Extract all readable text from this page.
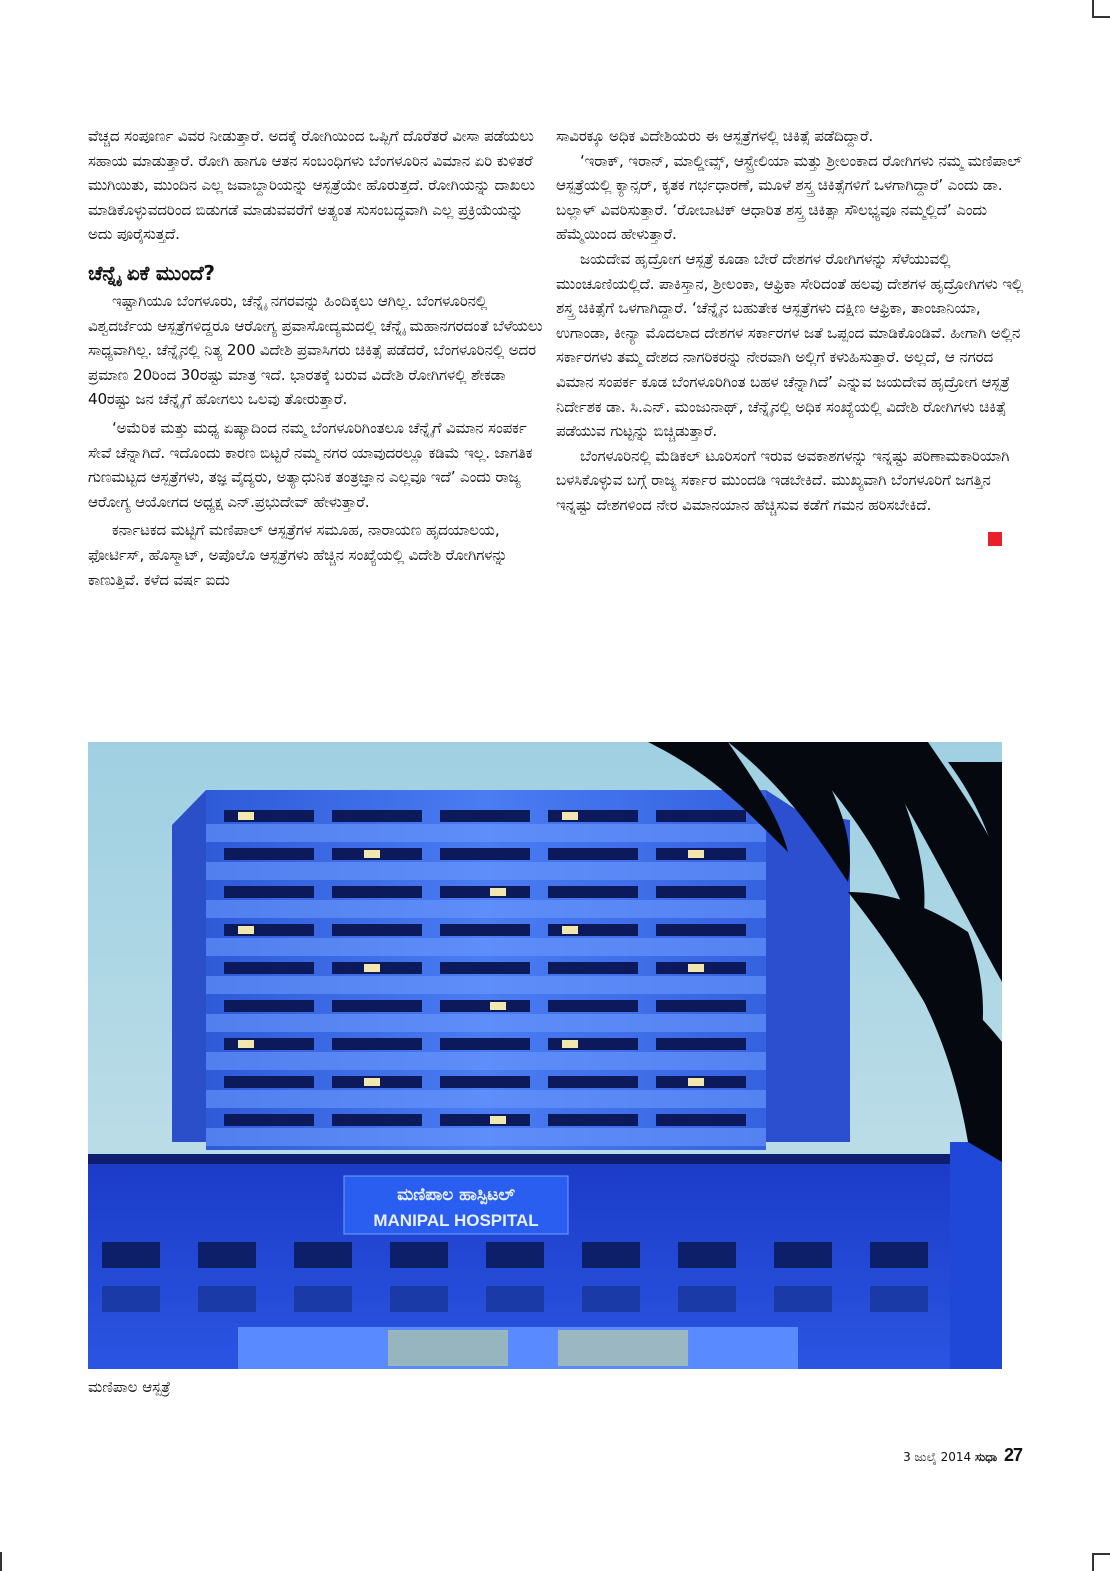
ವೆಚ್ಚದ ಸಂಪೂರ್ಣ ವಿವರ ನೀಡುತ್ತಾರೆ. ಅದಕ್ಕೆ ರೋಗಿಯಿಂದ ಒಪ್ಪಿಗೆ ದೊರೆತರೆ ವೀಸಾ ಪಡೆಯಲು ಸಹಾಯ ಮಾಡುತ್ತಾರೆ. ರೋಗಿ ಹಾಗೂ ಆತನ ಸಂಬಂಧಿಗಳು ಬೆಂಗಳೂರಿನ ವಿಮಾನ ಏರಿ ಕುಳಿತರೆ ಮುಗಿಯಿತು, ಮುಂದಿನ ಎಲ್ಲ ಜವಾಬ್ದಾರಿಯನ್ನು ಆಸ್ಪತ್ರೆಯೇ ಹೊರುತ್ತದೆ. ರೋಗಿಯನ್ನು ದಾಖಲು ಮಾಡಿಕೊಳ್ಳುವದರಿಂದ ಬಿಡುಗಡೆ ಮಾಡುವವರೆಗೆ ಅತ್ಯಂತ ಸುಸಂಬದ್ಧವಾಗಿ ಎಲ್ಲ ಪ್ರಕ್ರಿಯೆಯನ್ನು ಅದು ಪೂರೈಸುತ್ತದೆ.

ಚೆನ್ನೈ ಏಕೆ ಮುಂದೆ?

ಇಷ್ಟಾಗಿಯೂ ಬೆಂಗಳೂರು, ಚೆನ್ನೈ ನಗರವನ್ನು ಹಿಂದಿಕ್ಕಲು ಆಗಿಲ್ಲ. ಬೆಂಗಳೂರಿನಲ್ಲಿ ವಿಶ್ವದರ್ಜೆಯ ಆಸ್ಪತ್ರೆಗಳಿದ್ದರೂ ಆರೋಗ್ಯ ಪ್ರವಾಸೋದ್ಯಮದಲ್ಲಿ ಚೆನ್ನೈ ಮಹಾನಗರದಂತೆ ಬೆಳೆಯಲು ಸಾಧ್ಯವಾಗಿಲ್ಲ. ಚೆನ್ನೈನಲ್ಲಿ ನಿತ್ಯ 200 ವಿದೇಶಿ ಪ್ರವಾಸಿಗರು ಚಿಕಿತ್ಸೆ ಪಡೆದರೆ, ಬೆಂಗಳೂರಿನಲ್ಲಿ ಅದರ ಪ್ರಮಾಣ 20ರಿಂದ 30ರಷ್ಟು ಮಾತ್ರ ಇದೆ. ಭಾರತಕ್ಕೆ ಬರುವ ವಿದೇಶಿ ರೋಗಿಗಳಲ್ಲಿ ಶೇಕಡಾ 40ರಷ್ಟು ಜನ ಚೆನ್ನೈಗೆ ಹೋಗಲು ಒಲವು ತೋರುತ್ತಾರೆ.

‘ಅಮೆರಿಕ ಮತ್ತು ಮಧ್ಯ ಏಷ್ಯಾದಿಂದ ನಮ್ಮ ಬೆಂಗಳೂರಿಗಿಂತಲೂ ಚೆನ್ನೈಗೆ ವಿಮಾನ ಸಂಪರ್ಕ ಸೇವೆ ಚೆನ್ನಾಗಿದೆ. ಇದೊಂದು ಕಾರಣ ಬಿಟ್ಟರೆ ನಮ್ಮ ನಗರ ಯಾವುದರಲ್ಲೂ ಕಡಿಮೆ ಇಲ್ಲ. ಜಾಗತಿಕ ಗುಣಮಟ್ಟದ ಆಸ್ಪತ್ರೆಗಳು, ತಜ್ಞ ವೈದ್ಯರು, ಅತ್ಯಾಧುನಿಕ ತಂತ್ರಜ್ಞಾನ ಎಲ್ಲವೂ ಇದೆ’ ಎಂದು ರಾಜ್ಯ ಆರೋಗ್ಯ ಆಯೋಗದ ಅಧ್ಯಕ್ಷ ಎನ್.ಪ್ರಭುದೇವ್ ಹೇಳುತ್ತಾರೆ.

ಕರ್ನಾಟಕದ ಮಟ್ಟಿಗೆ ಮಣಿಪಾಲ್ ಆಸ್ಪತ್ರೆಗಳ ಸಮೂಹ, ನಾರಾಯಣ ಹೃದಯಾಲಯ, ಫೋರ್ಟಿಸ್, ಹೊಸ್ಮಾಟ್, ಅಪೊಲೊ ಆಸ್ಪತ್ರೆಗಳು ಹೆಚ್ಚಿನ ಸಂಖ್ಯೆಯಲ್ಲಿ ವಿದೇಶಿ ರೋಗಿಗಳನ್ನು ಕಾಣುತ್ತಿವೆ. ಕಳೆದ ವರ್ಷ ಐದು

ಸಾವಿರಕ್ಕೂ ಅಧಿಕ ವಿದೇಶಿಯರು ಈ ಆಸ್ಪತ್ರೆಗಳಲ್ಲಿ ಚಿಕಿತ್ಸೆ ಪಡೆದಿದ್ದಾರೆ.

‘ಇರಾಕ್, ಇರಾನ್, ಮಾಲ್ಡೀವ್ಸ್, ಆಸ್ಟ್ರೇಲಿಯಾ ಮತ್ತು ಶ್ರೀಲಂಕಾದ ರೋಗಿಗಳು ನಮ್ಮ ಮಣಿಪಾಲ್ ಆಸ್ಪತ್ರೆಯಲ್ಲಿ ಕ್ಯಾನ್ಸರ್, ಕೃತಕ ಗರ್ಭಧಾರಣೆ, ಮೂಳೆ ಶಸ್ತ್ರ ಚಿಕಿತ್ಸೆಗಳಿಗೆ ಒಳಗಾಗಿದ್ದಾರೆ’ ಎಂದು ಡಾ. ಬಲ್ಲಾಳ್ ವಿವರಿಸುತ್ತಾರೆ. ‘ರೋಬಾಟಿಕ್ ಆಧಾರಿತ ಶಸ್ತ್ರ ಚಿಕಿತ್ಸಾ ಸೌಲಭ್ಯವೂ ನಮ್ಮಲ್ಲಿದೆ’ ಎಂದು ಹೆಮ್ಮೆಯಿಂದ ಹೇಳುತ್ತಾರೆ.

ಜಯದೇವ ಹೃದ್ರೋಗ ಆಸ್ಪತ್ರೆ ಕೂಡಾ ಬೇರೆ ದೇಶಗಳ ರೋಗಿಗಳನ್ನು ಸೆಳೆಯುವಲ್ಲಿ ಮುಂಚೂಣಿಯಲ್ಲಿದೆ. ಪಾಕಿಸ್ತಾನ, ಶ್ರೀಲಂಕಾ, ಆಫ್ರಿಕಾ ಸೇರಿದಂತೆ ಹಲವು ದೇಶಗಳ ಹೃದ್ರೋಗಿಗಳು ಇಲ್ಲಿ ಶಸ್ತ್ರ ಚಿಕಿತ್ಸೆಗೆ ಒಳಗಾಗಿದ್ದಾರೆ. ‘ಚೆನ್ನೈನ ಬಹುತೇಕ ಆಸ್ಪತ್ರೆಗಳು ದಕ್ಷಿಣ ಆಫ್ರಿಕಾ, ತಾಂಜಾನಿಯಾ, ಉಗಾಂಡಾ, ಕೀನ್ಯಾ ಮೊದಲಾದ ದೇಶಗಳ ಸರ್ಕಾರಗಳ ಜತೆ ಒಪ್ಪಂದ ಮಾಡಿಕೊಂಡಿವೆ. ಹೀಗಾಗಿ ಅಲ್ಲಿನ ಸರ್ಕಾರಗಳು ತಮ್ಮ ದೇಶದ ನಾಗರಿಕರನ್ನು ನೇರವಾಗಿ ಅಲ್ಲಿಗೆ ಕಳುಹಿಸುತ್ತಾರೆ. ಅಲ್ಲದೆ, ಆ ನಗರದ ವಿಮಾನ ಸಂಪರ್ಕ ಕೂಡ ಬೆಂಗಳೂರಿಗಿಂತ ಬಹಳ ಚೆನ್ನಾಗಿದೆ’ ಎನ್ನುವ ಜಯದೇವ ಹೃದ್ರೋಗ ಆಸ್ಪತ್ರೆ ನಿರ್ದೇಶಕ ಡಾ. ಸಿ.ಎನ್. ಮಂಜುನಾಥ್, ಚೆನ್ನೈನಲ್ಲಿ ಅಧಿಕ ಸಂಖ್ಯೆಯಲ್ಲಿ ವಿದೇಶಿ ರೋಗಿಗಳು ಚಿಕಿತ್ಸೆ ಪಡೆಯುವ ಗುಟ್ಟನ್ನು ಬಿಚ್ಚಿಡುತ್ತಾರೆ.

ಬೆಂಗಳೂರಿನಲ್ಲಿ ಮೆಡಿಕಲ್ ಟೂರಿಸಂಗೆ ಇರುವ ಅವಕಾಶಗಳನ್ನು ಇನ್ನಷ್ಟು ಪರಿಣಾಮಕಾರಿಯಾಗಿ ಬಳಸಿಕೊಳ್ಳುವ ಬಗ್ಗೆ ರಾಜ್ಯ ಸರ್ಕಾರ ಮುಂದಡಿ ಇಡಬೇಕಿದೆ. ಮುಖ್ಯವಾಗಿ ಬೆಂಗಳೂರಿಗೆ ಜಗತ್ತಿನ ಇನ್ನಷ್ಟು ದೇಶಗಳಿಂದ ನೇರ ವಿಮಾನಯಾನ ಹೆಚ್ಚಿಸುವ ಕಡೆಗೆ ಗಮನ ಹರಿಸಬೇಕಿದೆ.

ಮಣಿಪಾಲ ಹಾಸ್ಪಿಟಲ್
MANIPAL HOSPITAL
ಮಣಿಪಾಲ ಆಸ್ಪತ್ರೆ
3 ಜುಲೈ 2014 ಸುಧಾ 27
